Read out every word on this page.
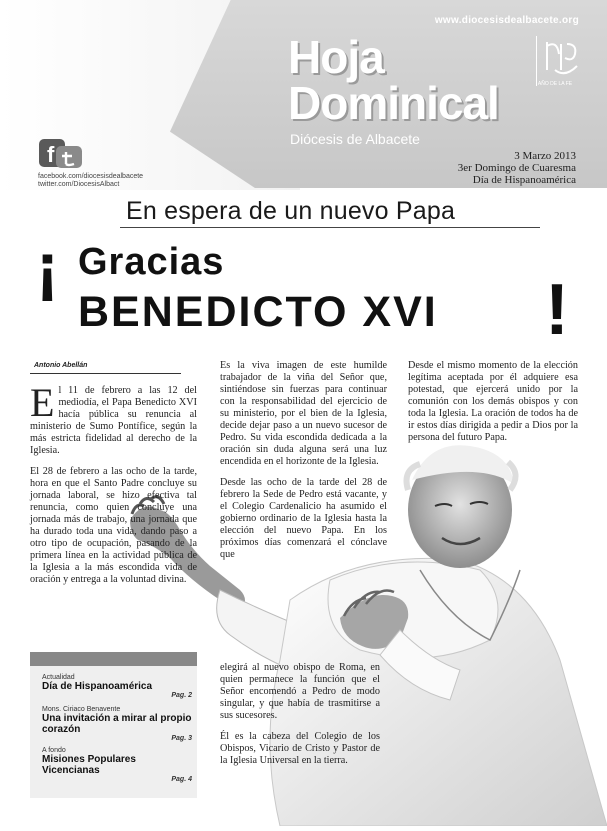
www.diocesisdealbacete.org
Hoja
Dominical
Diócesis de Albacete
AÑO DE LA FE
3 Marzo 2013
3er Domingo de Cuaresma
Día de Hispanoamérica
f
facebook.com/diocesisdealbacete
twitter.com/DiocesisAlbact
En espera de un nuevo Papa
¡ Gracias
BENEDICTO XVI !
Antonio Abellán

El 11 de febrero a las 12 del mediodía, el Papa Benedicto XVI hacía pública su renuncia al ministerio de Sumo Pontífice, según la más estricta fidelidad al derecho de la Iglesia.

El 28 de febrero a las ocho de la tarde, hora en que el Santo Padre concluye su jornada laboral, se hizo efectiva tal renuncia, como quien concluye una jornada más de trabajo, una jornada que ha durado toda una vida, dando paso a otro tipo de ocupación, pasando de la primera línea en la actividad pública de la Iglesia a la más escondida vida de oración y entrega a la voluntad divina.

Es la viva imagen de este humilde trabajador de la viña del Señor que, sintiéndose sin fuerzas para continuar con la responsabilidad del ejercicio de su ministerio, por el bien de la Iglesia, decide dejar paso a un nuevo sucesor de Pedro. Su vida escondida dedicada a la oración sin duda alguna será una luz encendida en el horizonte de la Iglesia.

Desde las ocho de la tarde del 28 de febrero la Sede de Pedro está vacante, y el Colegio Cardenalicio ha asumido el gobierno ordinario de la Iglesia hasta la elección del nuevo Papa. En los próximos días comenzará el cónclave que

elegirá al nuevo obispo de Roma, en quien permanece la función que el Señor encomendó a Pedro de modo singular, y que había de trasmitirse a sus sucesores.

Él es la cabeza del Colegio de los Obispos, Vicario de Cristo y Pastor de la Iglesia Universal en la tierra.

Desde el mismo momento de la elección legítima aceptada por él adquiere esa potestad, que ejercerá unido por la comunión con los demás obispos y con toda la Iglesia. La oración de todos ha de ir estos días dirigida a pedir a Dios por la persona del futuro Papa.

Actualidad
Día de Hispanoamérica
Pag. 2
Mons. Ciriaco Benavente
Una invitación a mirar al propio corazón
Pag. 3
A fondo
Misiones Populares Vicencianas
Pag. 4
